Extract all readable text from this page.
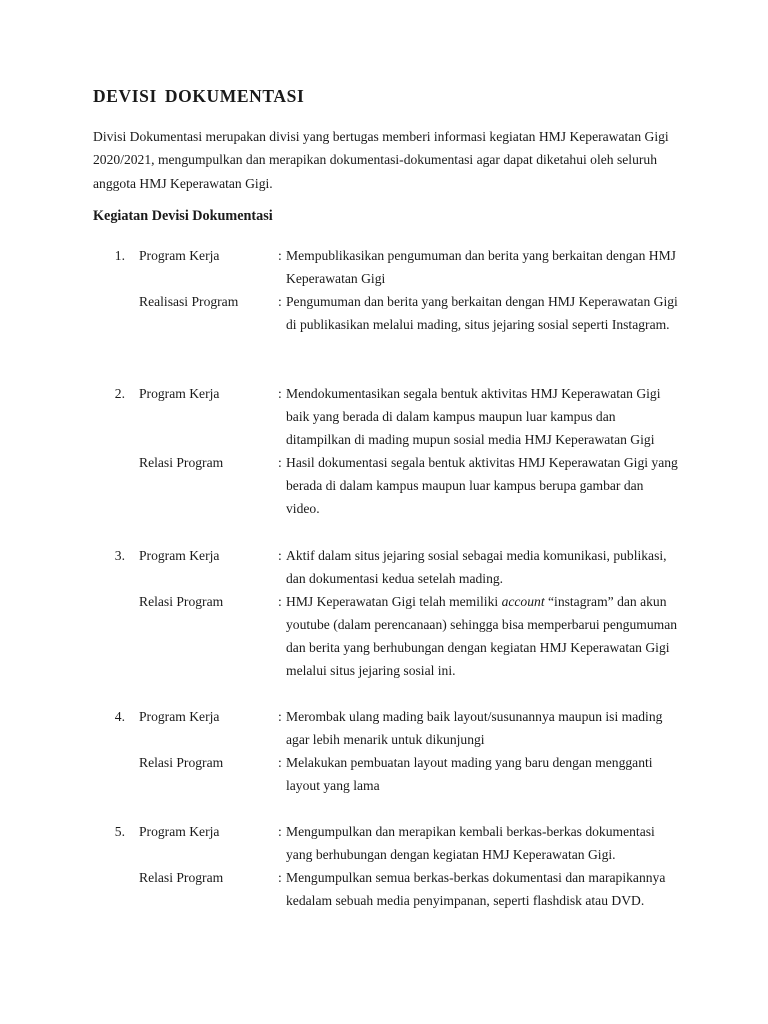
DEVISI DOKUMENTASI

Divisi Dokumentasi merupakan divisi yang bertugas memberi informasi kegiatan HMJ Keperawatan Gigi 2020/2021, mengumpulkan dan merapikan dokumentasi-dokumentasi agar dapat diketahui oleh seluruh anggota HMJ Keperawatan Gigi.

Kegiatan Devisi Dokumentasi
1.	Program Kerja	: Mempublikasikan pengumuman dan berita yang berkaitan dengan HMJ Keperawatan Gigi
Realisasi Program	: Pengumuman dan berita yang berkaitan dengan HMJ Keperawatan Gigi di publikasikan melalui mading, situs jejaring sosial seperti Instagram.
2.	Program Kerja	: Mendokumentasikan segala bentuk aktivitas HMJ Keperawatan Gigi baik yang berada di dalam kampus maupun luar kampus dan ditampilkan di mading mupun sosial media HMJ Keperawatan Gigi
Relasi Program	: Hasil dokumentasi segala bentuk aktivitas HMJ Keperawatan Gigi yang berada di dalam kampus maupun luar kampus berupa gambar dan video.
3.	Program Kerja	: Aktif dalam situs jejaring sosial sebagai media komunikasi, publikasi, dan dokumentasi kedua setelah mading.
Relasi Program	: HMJ Keperawatan Gigi telah memiliki account “instagram” dan akun youtube (dalam perencanaan) sehingga bisa memperbarui pengumuman dan berita yang berhubungan dengan kegiatan HMJ Keperawatan Gigi melalui situs jejaring sosial ini.
4.	Program Kerja	: Merombak ulang mading baik layout/susunannya maupun isi mading agar lebih menarik untuk dikunjungi
Relasi Program	: Melakukan pembuatan layout mading yang baru dengan mengganti layout yang lama
5.	Program Kerja	: Mengumpulkan dan merapikan kembali berkas-berkas dokumentasi yang berhubungan dengan kegiatan HMJ Keperawatan Gigi.
Relasi Program	: Mengumpulkan semua berkas-berkas dokumentasi dan marapikannya kedalam sebuah media penyimpanan, seperti flashdisk atau DVD.
